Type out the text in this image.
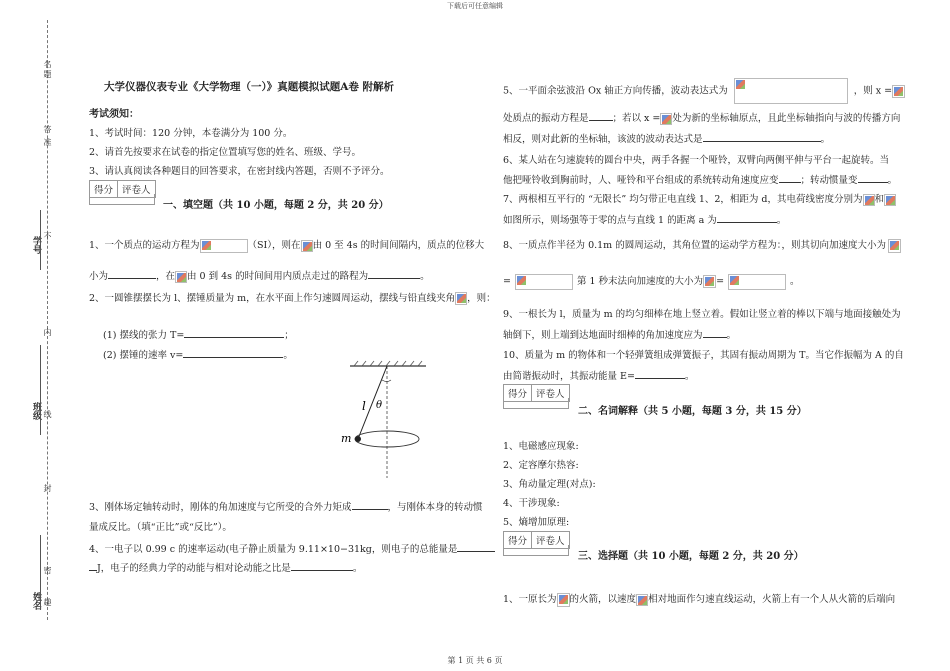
下载后可任意编辑
第 1 页 共 6 页
名
题
答
准
不
学号
内
班级 线
封
姓名
密
趣
大学仪器仪表专业《大学物理（一）》真题模拟试题A卷 附解析
考试须知：
1、考试时间：120 分钟，本卷满分为 100 分。
2、请首先按要求在试卷的指定位置填写您的姓名、班级、学号。
3、请认真阅读各种题目的回答要求，在密封线内答题，否则不予评分。
得分 评卷人
一、填空题（共 10 小题，每题 2 分，共 20 分）
1、一个质点的运动方程为	（SI），则在 由 0 至 4s 的时间间隔内，质点的位移大
小为	，在 由 0 到 4s 的时间间用内质点走过的路程为	。
2、一圆锥摆摆长为 l、摆锤质量为 m，在水平面上作匀速圆周运动，摆线与铅直线夹角 ，则：
(1) 摆线的张力 T=	；
(2) 摆锤的速率 v=	。
l θ
m
3、刚体场定轴转动时，刚体的角加速度与它所受的合外力矩成	，与刚体本身的转动惯
量成反比。（填“正比”或“反比”）。
4、一电子以 0.99 c 的速率运动(电子静止质量为 9.11×10−31kg，则电子的总能量是
J，电子的经典力学的动能与相对论动能之比是	。
5、一平面余弦波沿 Ox 轴正方向传播，波动表达式为	，则 x =
处质点的振动方程是	；若以 x = 处为新的坐标轴原点，且此坐标轴指向与波的传播方向
相反，则对此新的坐标轴，该波的波动表达式是	。
6、某人站在匀速旋转的圆台中央，两手各握一个哑铃，双臂向两侧平伸与平台一起旋转。当
他把哑铃收到胸前时，人、哑铃和平台组成的系统转动角速度应变 ；转动惯量变	。
7、两根相互平行的 “无限长” 均匀带正电直线 1、2，相距为 d，其电荷线密度分别为 和
如图所示，则场强等于零的点与直线 1 的距离 a 为	。
8、一质点作半径为 0.1m 的圆周运动，其角位置的运动学方程为：，则其切向加速度大小为
=	第 1 秒末法向加速度的大小为 =	。
9、一根长为 l，质量为 m 的均匀细棒在地上竖立着。假如让竖立着的棒以下端与地面接触处为
轴倒下，则上端到达地面时细棒的角加速度应为	。
10、质量为 m 的物体和一个轻弹簧组成弹簧振子，其固有振动周期为 T。当它作振幅为 A 的自
由简谐振动时，其振动能量 E=	。
得分 评卷人
二、名词解释（共 5 小题，每题 3 分，共 15 分）
1、电磁感应现象:
2、定容摩尔热容:
3、角动量定理(对点):
4、干涉现象:
5、熵增加原理:
得分 评卷人
三、选择题（共 10 小题，每题 2 分，共 20 分）
1、一原长为 的火箭，以速度 相对地面作匀速直线运动，火箭上有一个人从火箭的后端向
